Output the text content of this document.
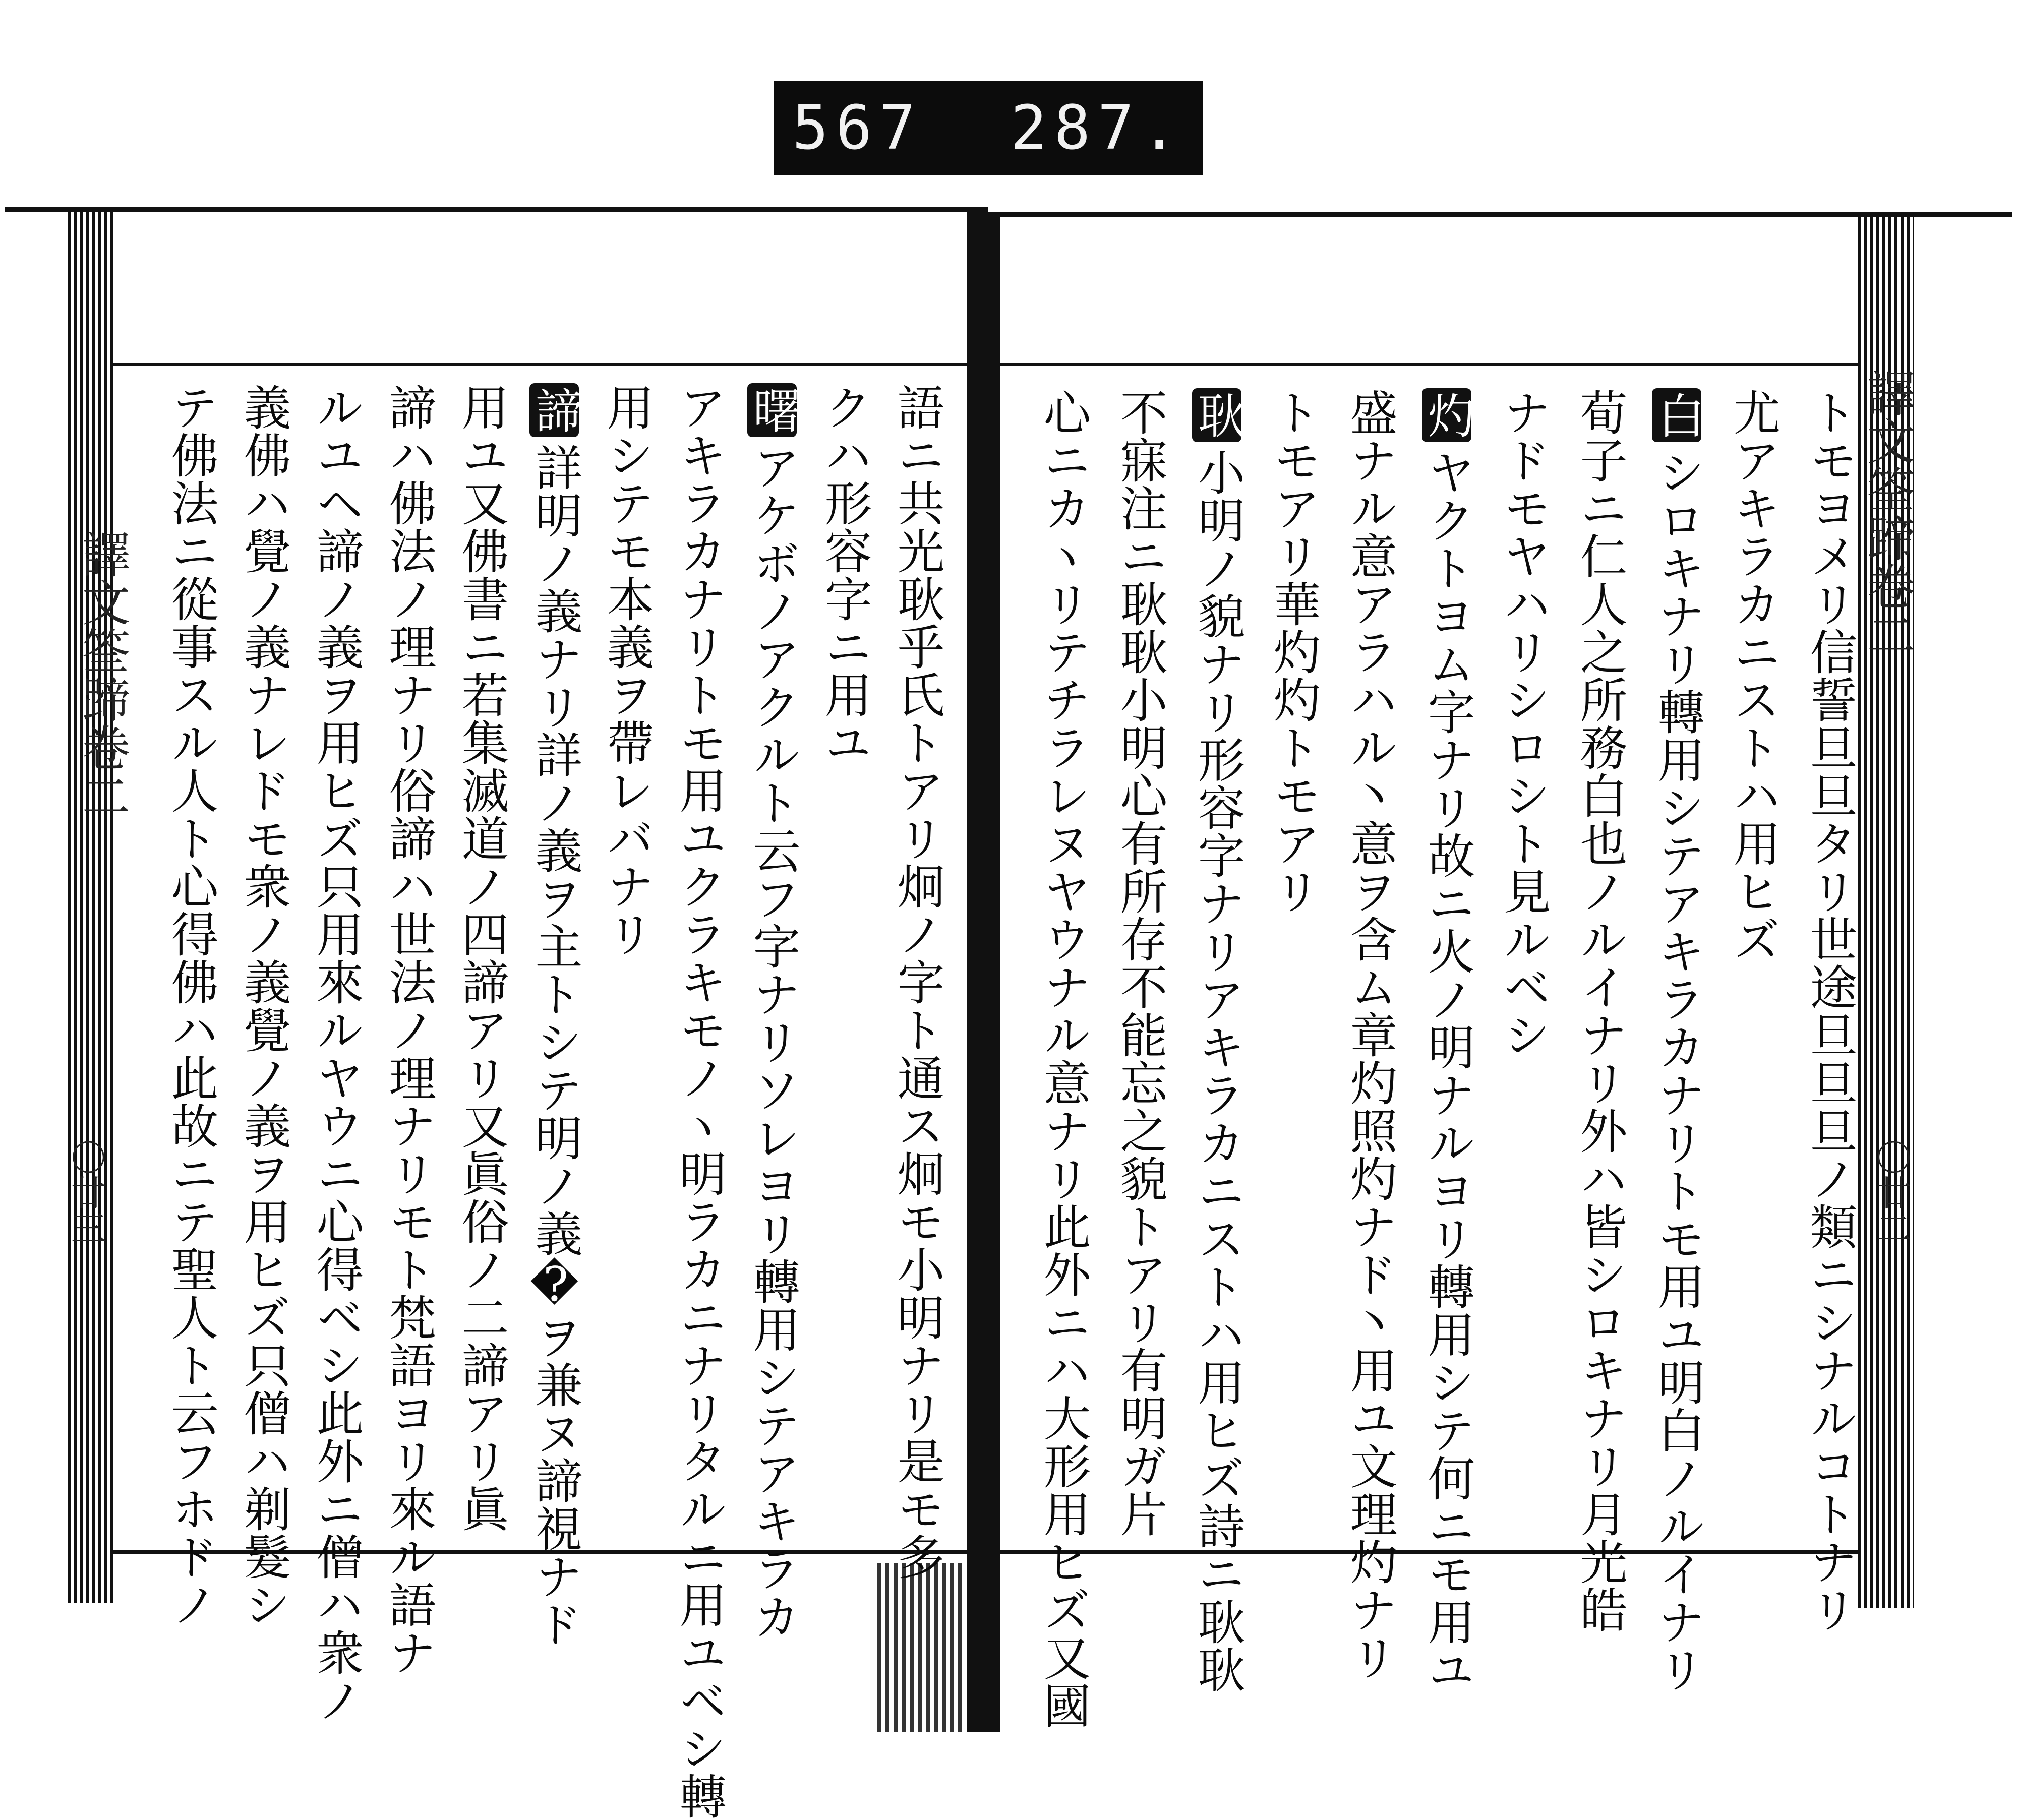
567 287.
譯文筌蹄卷二
〇廿三
譯文筌蹄卷二
〇廿二
テ佛法ニ從事スル人ト心得佛ハ此故ニテ聖人ト云フホドノ 義佛ハ覺ノ義ナレドモ衆ノ義覺ノ義ヲ用ヒズ只僧ハ剃髮シ ルユヘ諦ノ義ヲ用ヒズ只用來ルヤウニ心得ベシ此外ニ僧ハ衆ノ 諦ハ佛法ノ理ナリ俗諦ハ世法ノ理ナリモト梵語ヨリ來ル語ナ 用ユ又佛書ニ若集滅道ノ四諦アリ又眞俗ノ二諦アリ眞 諦詳明ノ義ナリ詳ノ義ヲ主トシテ明ノ義�ヲ兼ヌ諦視ナド 用シテモ本義ヲ帶レバナリ アキラカナリトモ用ユクラキモノヽ明ラカニナリタルニ用ユベシ轉 曙アケボノアクルト云フ字ナリソレヨリ轉用シテアキラカ クハ形容字ニ用ユ 語ニ共光耿乎氏トアリ炯ノ字ト通ス炯モ小明ナリ是モ多	トモヨメリ信誓旦旦タリ世途旦旦旦ノ類ニシナルコトナリ
尤アキラカニストハ用ヒズ
白シロキナリ轉用シテアキラカナリトモ用ユ明白ノルイナリ
荀子ニ仁人之所務白也ノルイナリ外ハ皆シロキナリ月光皓
ナドモヤハリシロシト見ルベシ
灼ヤクトヨム字ナリ故ニ火ノ明ナルヨリ轉用シテ何ニモ用ユ
盛ナル意アラハル丶意ヲ含ム章灼照灼ナド丶用ユ文理灼ナリ
トモアリ華灼灼トモアリ
耿小明ノ貌ナリ形容字ナリアキラカニストハ用ヒズ詩ニ耿耿
不寐注ニ耿耿小明心有所存不能忘之貌トアリ有明ガ片
心ニカヽリテチラレヌヤウナル意ナリ此外ニハ大形用ヒズ又國
